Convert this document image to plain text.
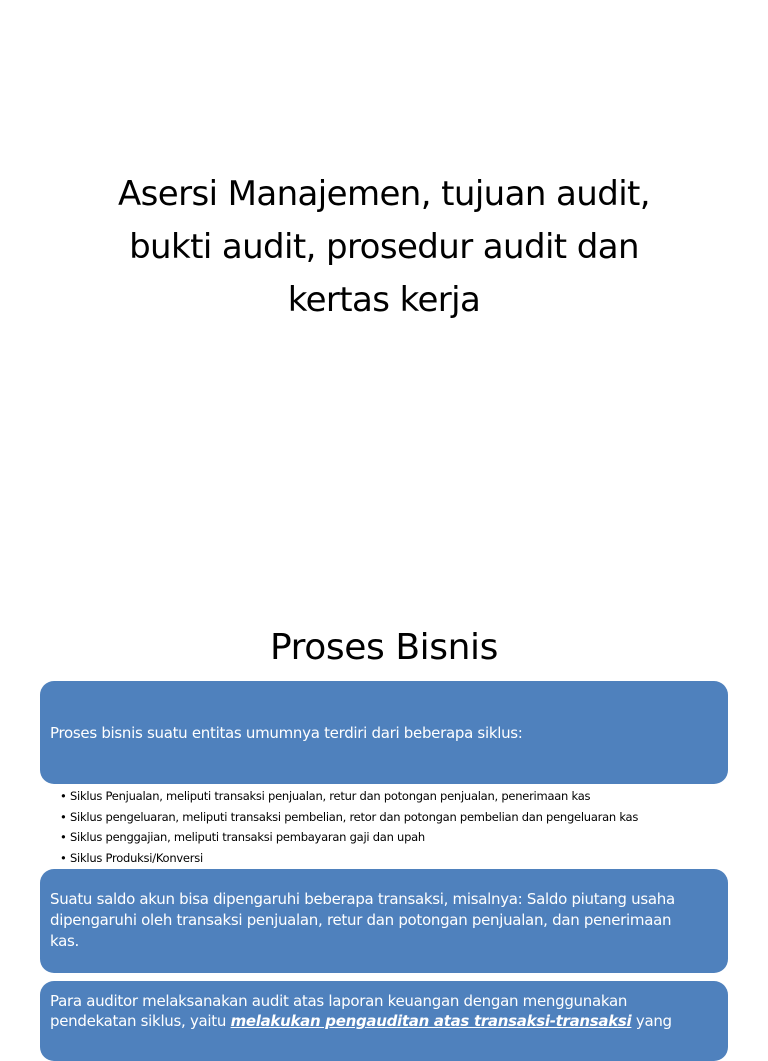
Asersi Manajemen, tujuan audit,
bukti audit, prosedur audit dan
kertas kerja
Proses Bisnis
Proses bisnis suatu entitas umumnya terdiri dari beberapa siklus:
• Siklus Penjualan, meliputi transaksi penjualan, retur dan potongan penjualan, penerimaan kas
• Siklus pengeluaran, meliputi transaksi pembelian, retor dan potongan pembelian dan pengeluaran kas
• Siklus penggajian, meliputi transaksi pembayaran gaji dan upah
• Siklus Produksi/Konversi
Suatu saldo akun bisa dipengaruhi beberapa transaksi, misalnya: Saldo piutang usaha
dipengaruhi oleh transaksi penjualan, retur dan potongan penjualan, dan penerimaan
kas.
Para auditor melaksanakan audit atas laporan keuangan dengan menggunakan
pendekatan siklus, yaitu melakukan pengauditan atas transaksi-transaksi yang
